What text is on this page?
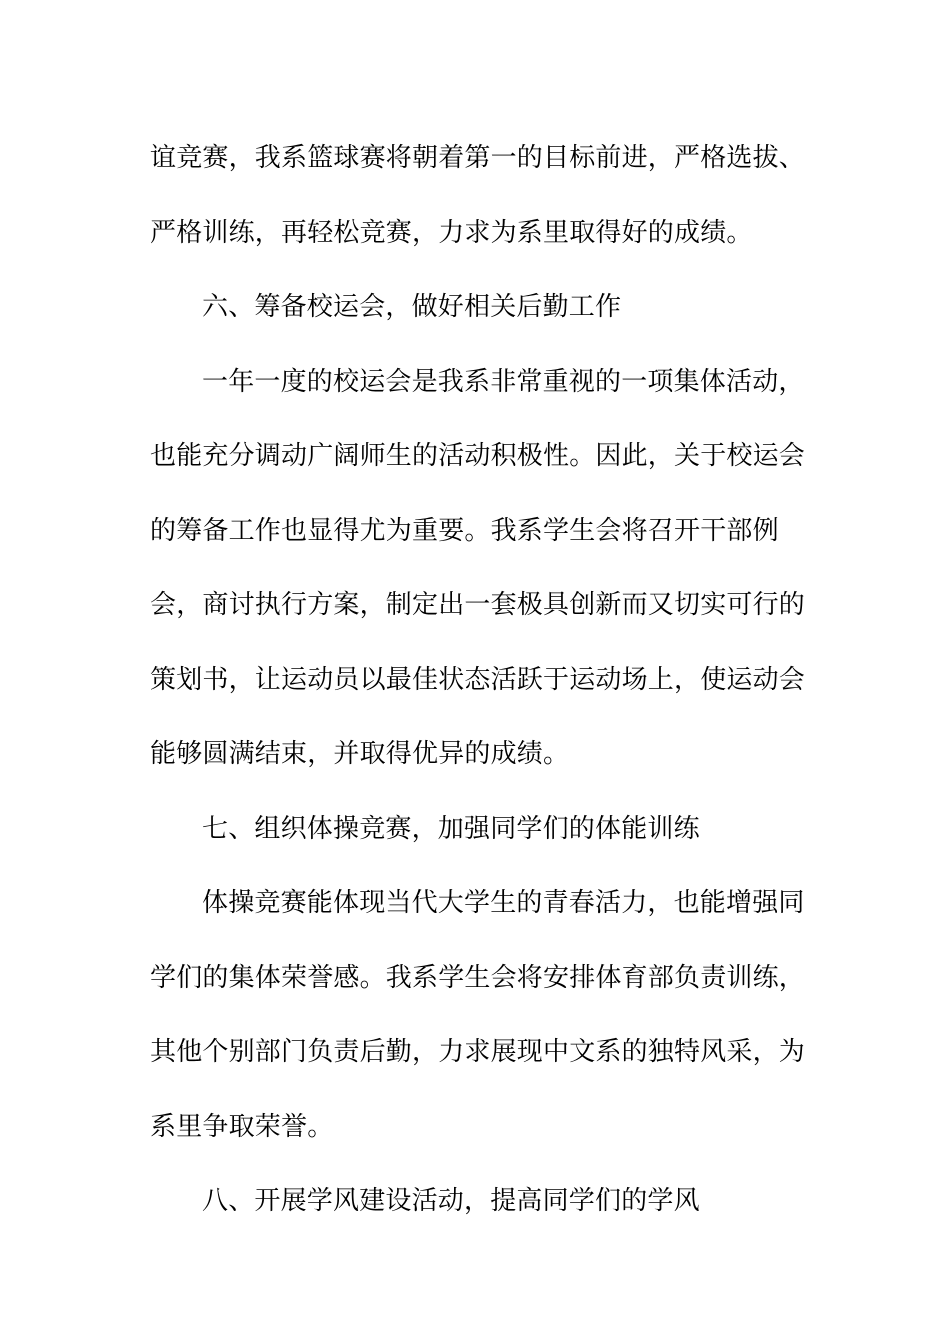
谊竞赛，我系篮球赛将朝着第一的目标前进，严格选拔、
严格训练，再轻松竞赛，力求为系里取得好的成绩。
六、筹备校运会，做好相关后勤工作
一年一度的校运会是我系非常重视的一项集体活动，
也能充分调动广阔师生的活动积极性。因此，关于校运会
的筹备工作也显得尤为重要。我系学生会将召开干部例
会，商讨执行方案，制定出一套极具创新而又切实可行的
策划书，让运动员以最佳状态活跃于运动场上，使运动会
能够圆满结束，并取得优异的成绩。
七、组织体操竞赛，加强同学们的体能训练
体操竞赛能体现当代大学生的青春活力，也能增强同
学们的集体荣誉感。我系学生会将安排体育部负责训练，
其他个别部门负责后勤，力求展现中文系的独特风采，为
系里争取荣誉。
八、开展学风建设活动，提高同学们的学风
